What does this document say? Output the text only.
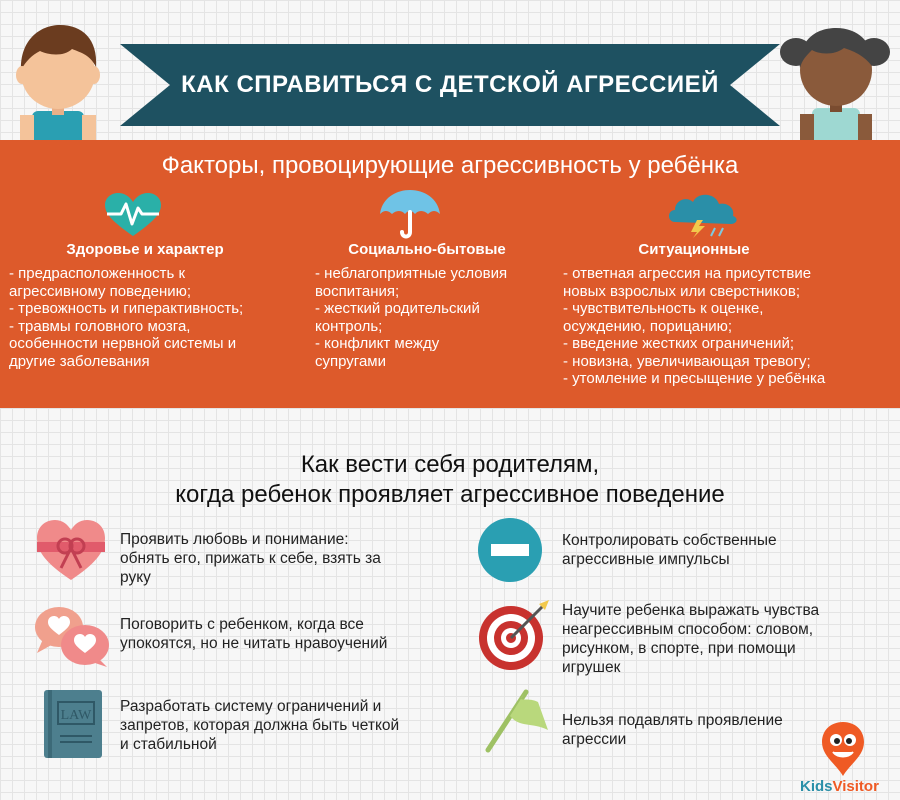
КАК СПРАВИТЬСЯ С ДЕТСКОЙ АГРЕССИЕЙ
Факторы, провоцирующие агрессивность у ребёнка
Здоровье и характер
- предрасположенность к
агрессивному поведению;
- тревожность и гиперактивность;
- травмы головного мозга,
особенности нервной системы и
другие заболевания
Социально-бытовые
- неблагоприятные условия
воспитания;
- жесткий родительский
контроль;
- конфликт между
супругами
Ситуационные
- ответная агрессия на присутствие
новых взрослых или сверстников;
- чувствительность к оценке,
осуждению, порицанию;
- введение жестких ограничений;
- новизна, увеличивающая тревогу;
- утомление и пресыщение у ребёнка
Как вести себя родителям,
когда ребенок проявляет агрессивное поведение
Проявить любовь и понимание:
обнять его, прижать к себе, взять за
руку
Контролировать собственные
агрессивные импульсы
Поговорить с ребенком, когда все
упокоятся, но не читать нравоучений
Научите ребенка выражать чувства
неагрессивным способом: словом,
рисунком, в спорте, при помощи
игрушек
LAW
Разработать систему ограничений и
запретов, которая должна быть четкой
и стабильной
Нельзя подавлять проявление
агрессии
KidsVisitor
